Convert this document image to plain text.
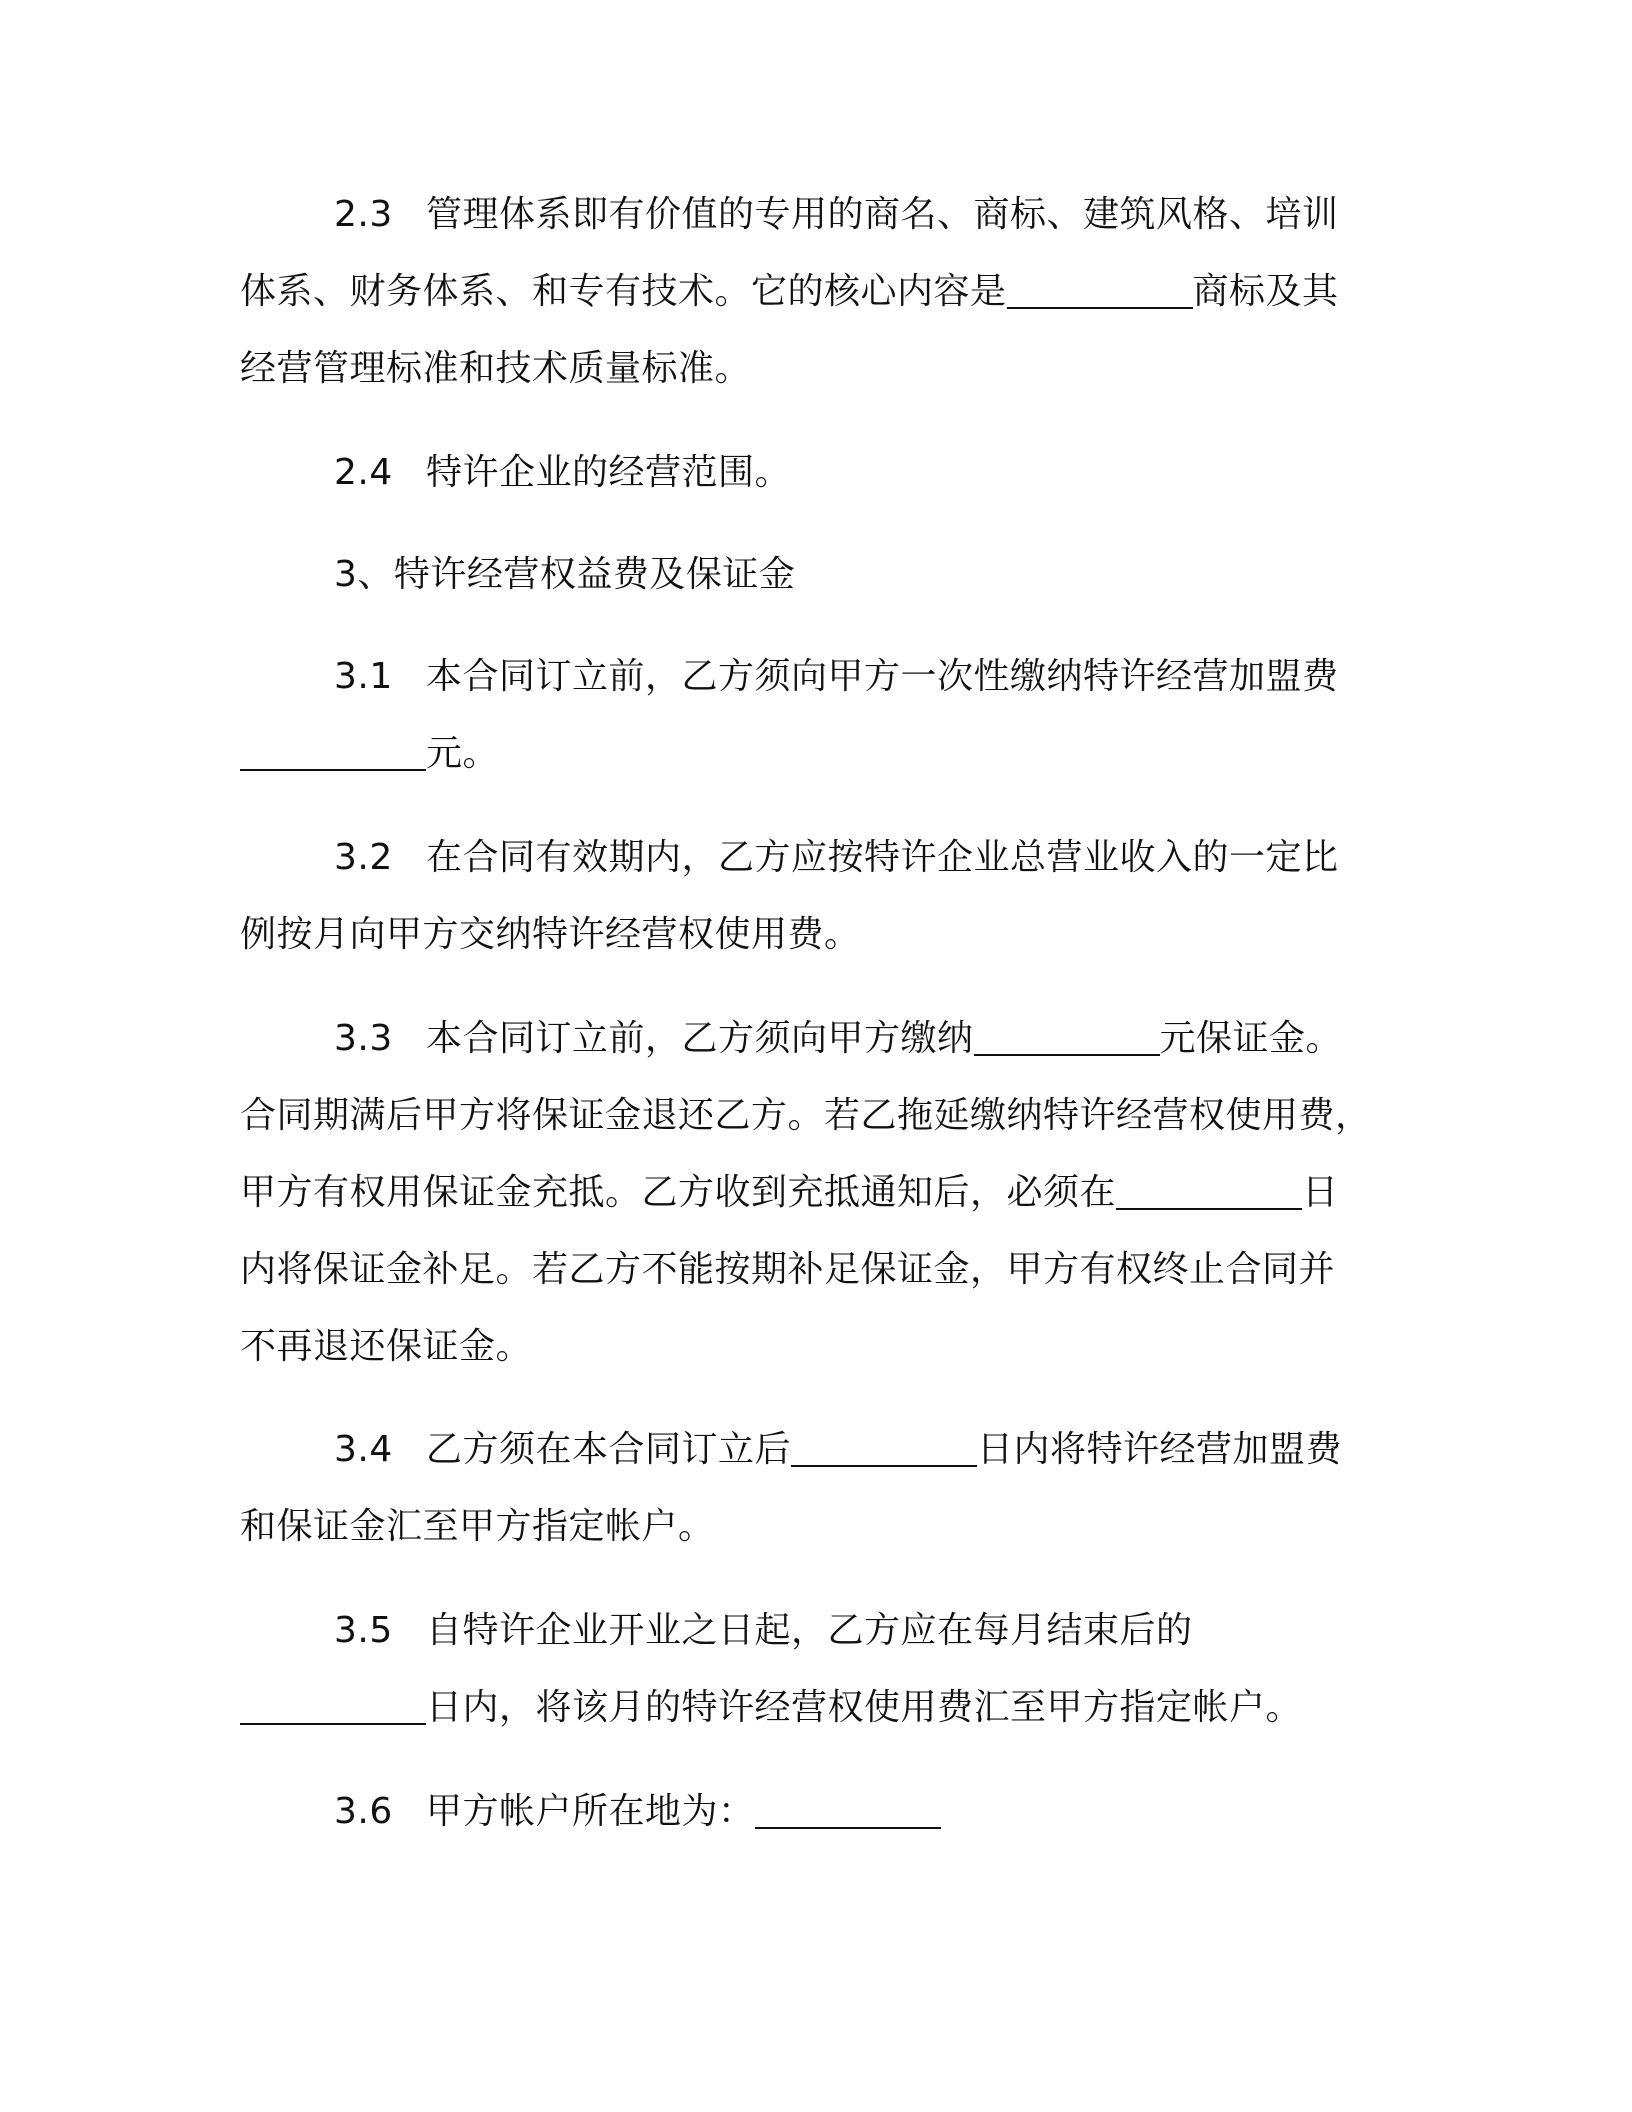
2.3 管理体系即有价值的专用的商名、商标、建筑风格、培训
体系、财务体系、和专有技术。它的核心内容是	商标及其
经营管理标准和技术质量标准。
2.4 特许企业的经营范围。
3、特许经营权益费及保证金
3.1 本合同订立前，乙方须向甲方一次性缴纳特许经营加盟费
元。
3.2 在合同有效期内，乙方应按特许企业总营业收入的一定比
例按月向甲方交纳特许经营权使用费。
3.3 本合同订立前，乙方须向甲方缴纳	元保证金。
合同期满后甲方将保证金退还乙方。若乙拖延缴纳特许经营权使用费，
甲方有权用保证金充抵。乙方收到充抵通知后，必须在	日
内将保证金补足。若乙方不能按期补足保证金，甲方有权终止合同并
不再退还保证金。
3.4 乙方须在本合同订立后	日内将特许经营加盟费
和保证金汇至甲方指定帐户。
3.5 自特许企业开业之日起，乙方应在每月结束后的
日内，将该月的特许经营权使用费汇至甲方指定帐户。
3.6 甲方帐户所在地为：
